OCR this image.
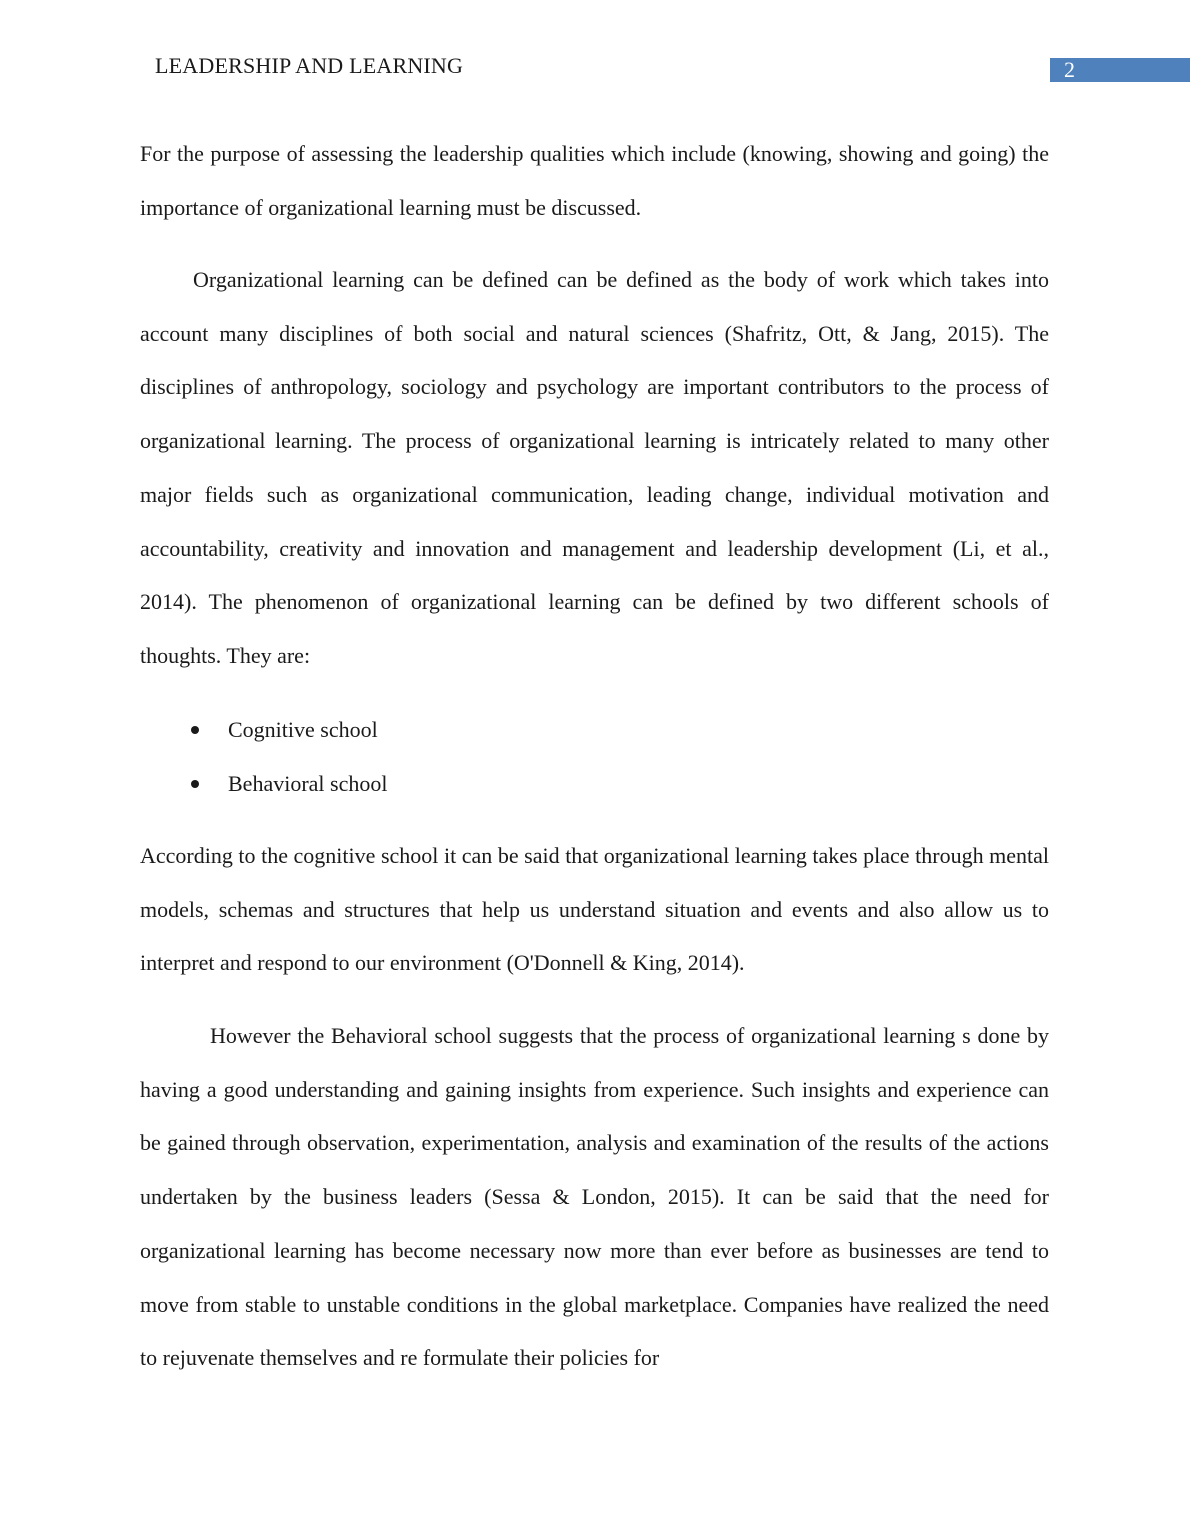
LEADERSHIP AND LEARNING	2

For the purpose of assessing the leadership qualities which include (knowing, showing and going) the importance of organizational learning must be discussed.

Organizational learning can be defined can be defined as the body of work which takes into account many disciplines of both social and natural sciences (Shafritz, Ott, & Jang, 2015). The disciplines of anthropology, sociology and psychology are important contributors to the process of organizational learning. The process of organizational learning is intricately related to many other major fields such as organizational communication, leading change, individual motivation and accountability, creativity and innovation and management and leadership development (Li, et al., 2014). The phenomenon of organizational learning can be defined by two different schools of thoughts. They are:

Cognitive school
Behavioral school

According to the cognitive school it can be said that organizational learning takes place through mental models, schemas and structures that help us understand situation and events and also allow us to interpret and respond to our environment (O'Donnell & King, 2014).

However the Behavioral school suggests that the process of organizational learning s done by having a good understanding and gaining insights from experience. Such insights and experience can be gained through observation, experimentation, analysis and examination of the results of the actions undertaken by the business leaders (Sessa & London, 2015). It can be said that the need for organizational learning has become necessary now more than ever before as businesses are tend to move from stable to unstable conditions in the global marketplace. Companies have realized the need to rejuvenate themselves and re formulate their policies for
